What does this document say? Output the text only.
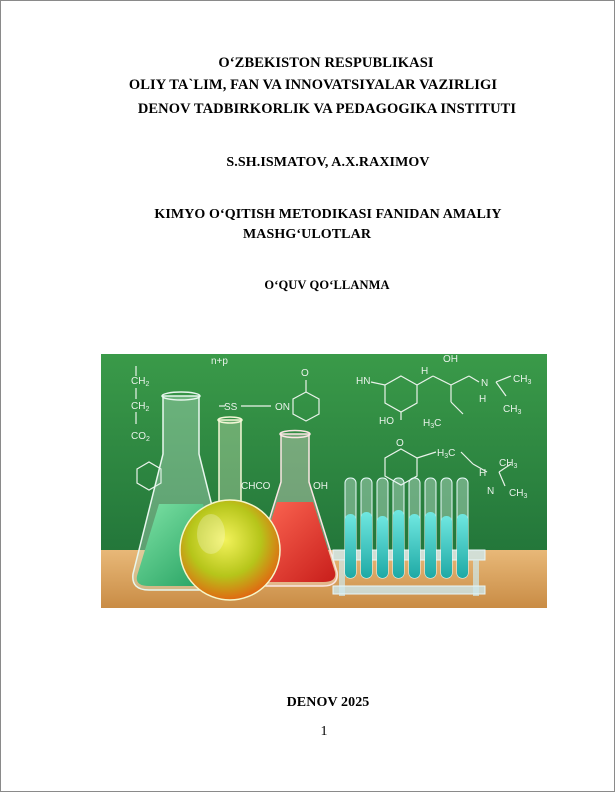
O‘ZBEKISTON RESPUBLIKASI
OLIY TA`LIM, FAN VA INNOVATSIYALAR VAZIRLIGI
DENOV TADBIRKORLIK VA PEDAGOGIKA INSTITUTI
S.SH.ISMATOV, A.X.RAXIMOV
KIMYO O‘QITISH METODIKASI FANIDAN AMALIY
MASHG‘ULOTLAR
O‘QUV QO‘LLANMA
n+p
$CH_2$
$CH_2$
$CO_2$
SS	ON
O
OH
HN
H
N
H
$CH_3$
$CH_3$
HO	$H_3C$
CHCO	OH
O
$H_3C$
H
$CH_3$
N $CH_3$
DENOV 2025
1
